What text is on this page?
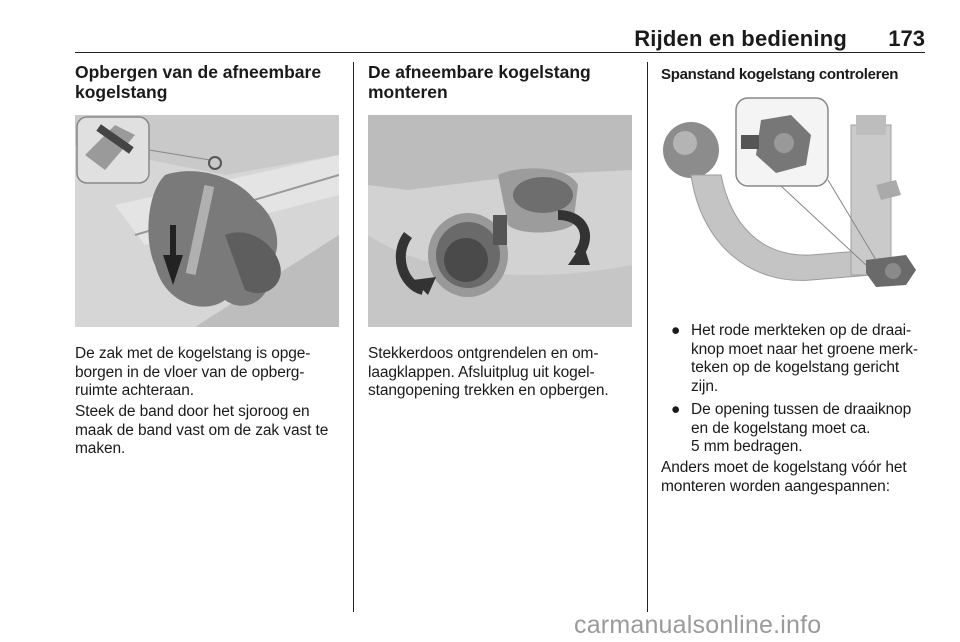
Rijden en bediening 173
Opbergen van de afneembare kogelstang

De zak met de kogelstang is opge-
borgen in de vloer van de opberg-
ruimte achteraan.

Steek de band door het sjoroog en
maak de band vast om de zak vast te
maken.

De afneembare kogelstang monteren

Stekkerdoos ontgrendelen en om-
laagklappen. Afsluitplug uit kogel-
stangopening trekken en opbergen.

Spanstand kogelstang controleren
● Het rode merkteken op de draai-
knop moet naar het groene merk-
teken op de kogelstang gericht
zijn.
● De opening tussen de draaiknop
en de kogelstang moet ca.
5 mm bedragen.

Anders moet de kogelstang vóór het
monteren worden aangespannen:

carmanualsonline.info
